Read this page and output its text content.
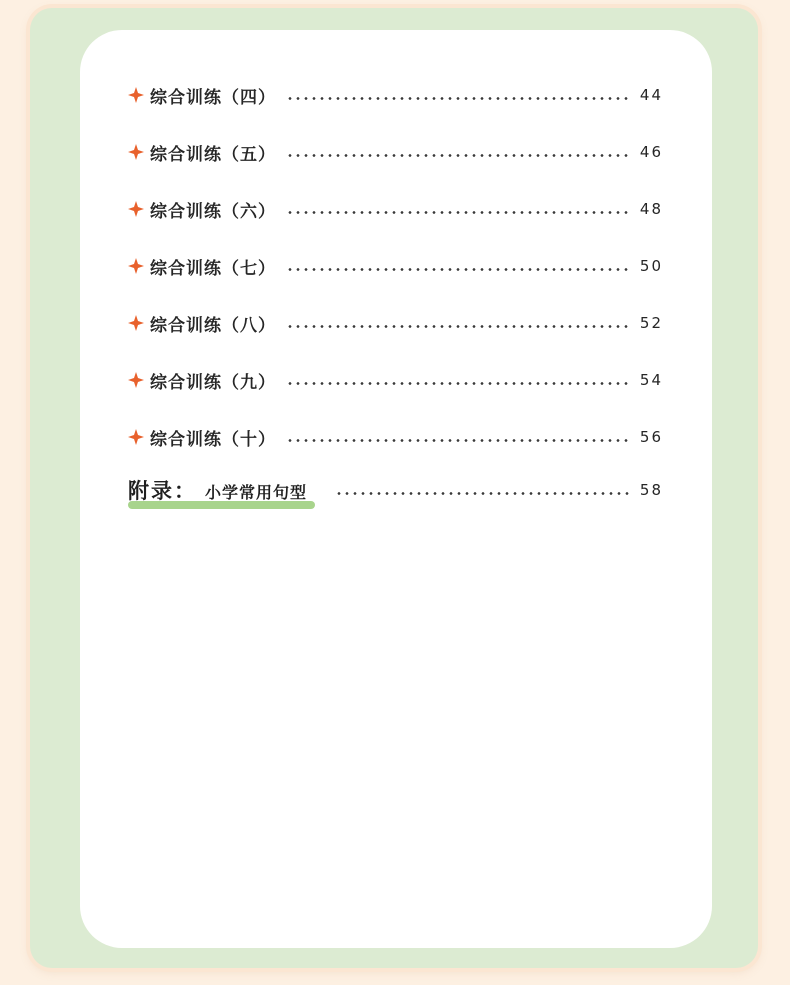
综合训练（四）	44
综合训练（五）	46
综合训练（六）	48
综合训练（七）	50
综合训练（八）	52
综合训练（九）	54
综合训练（十）	56
附录： 小学常用句型	58
